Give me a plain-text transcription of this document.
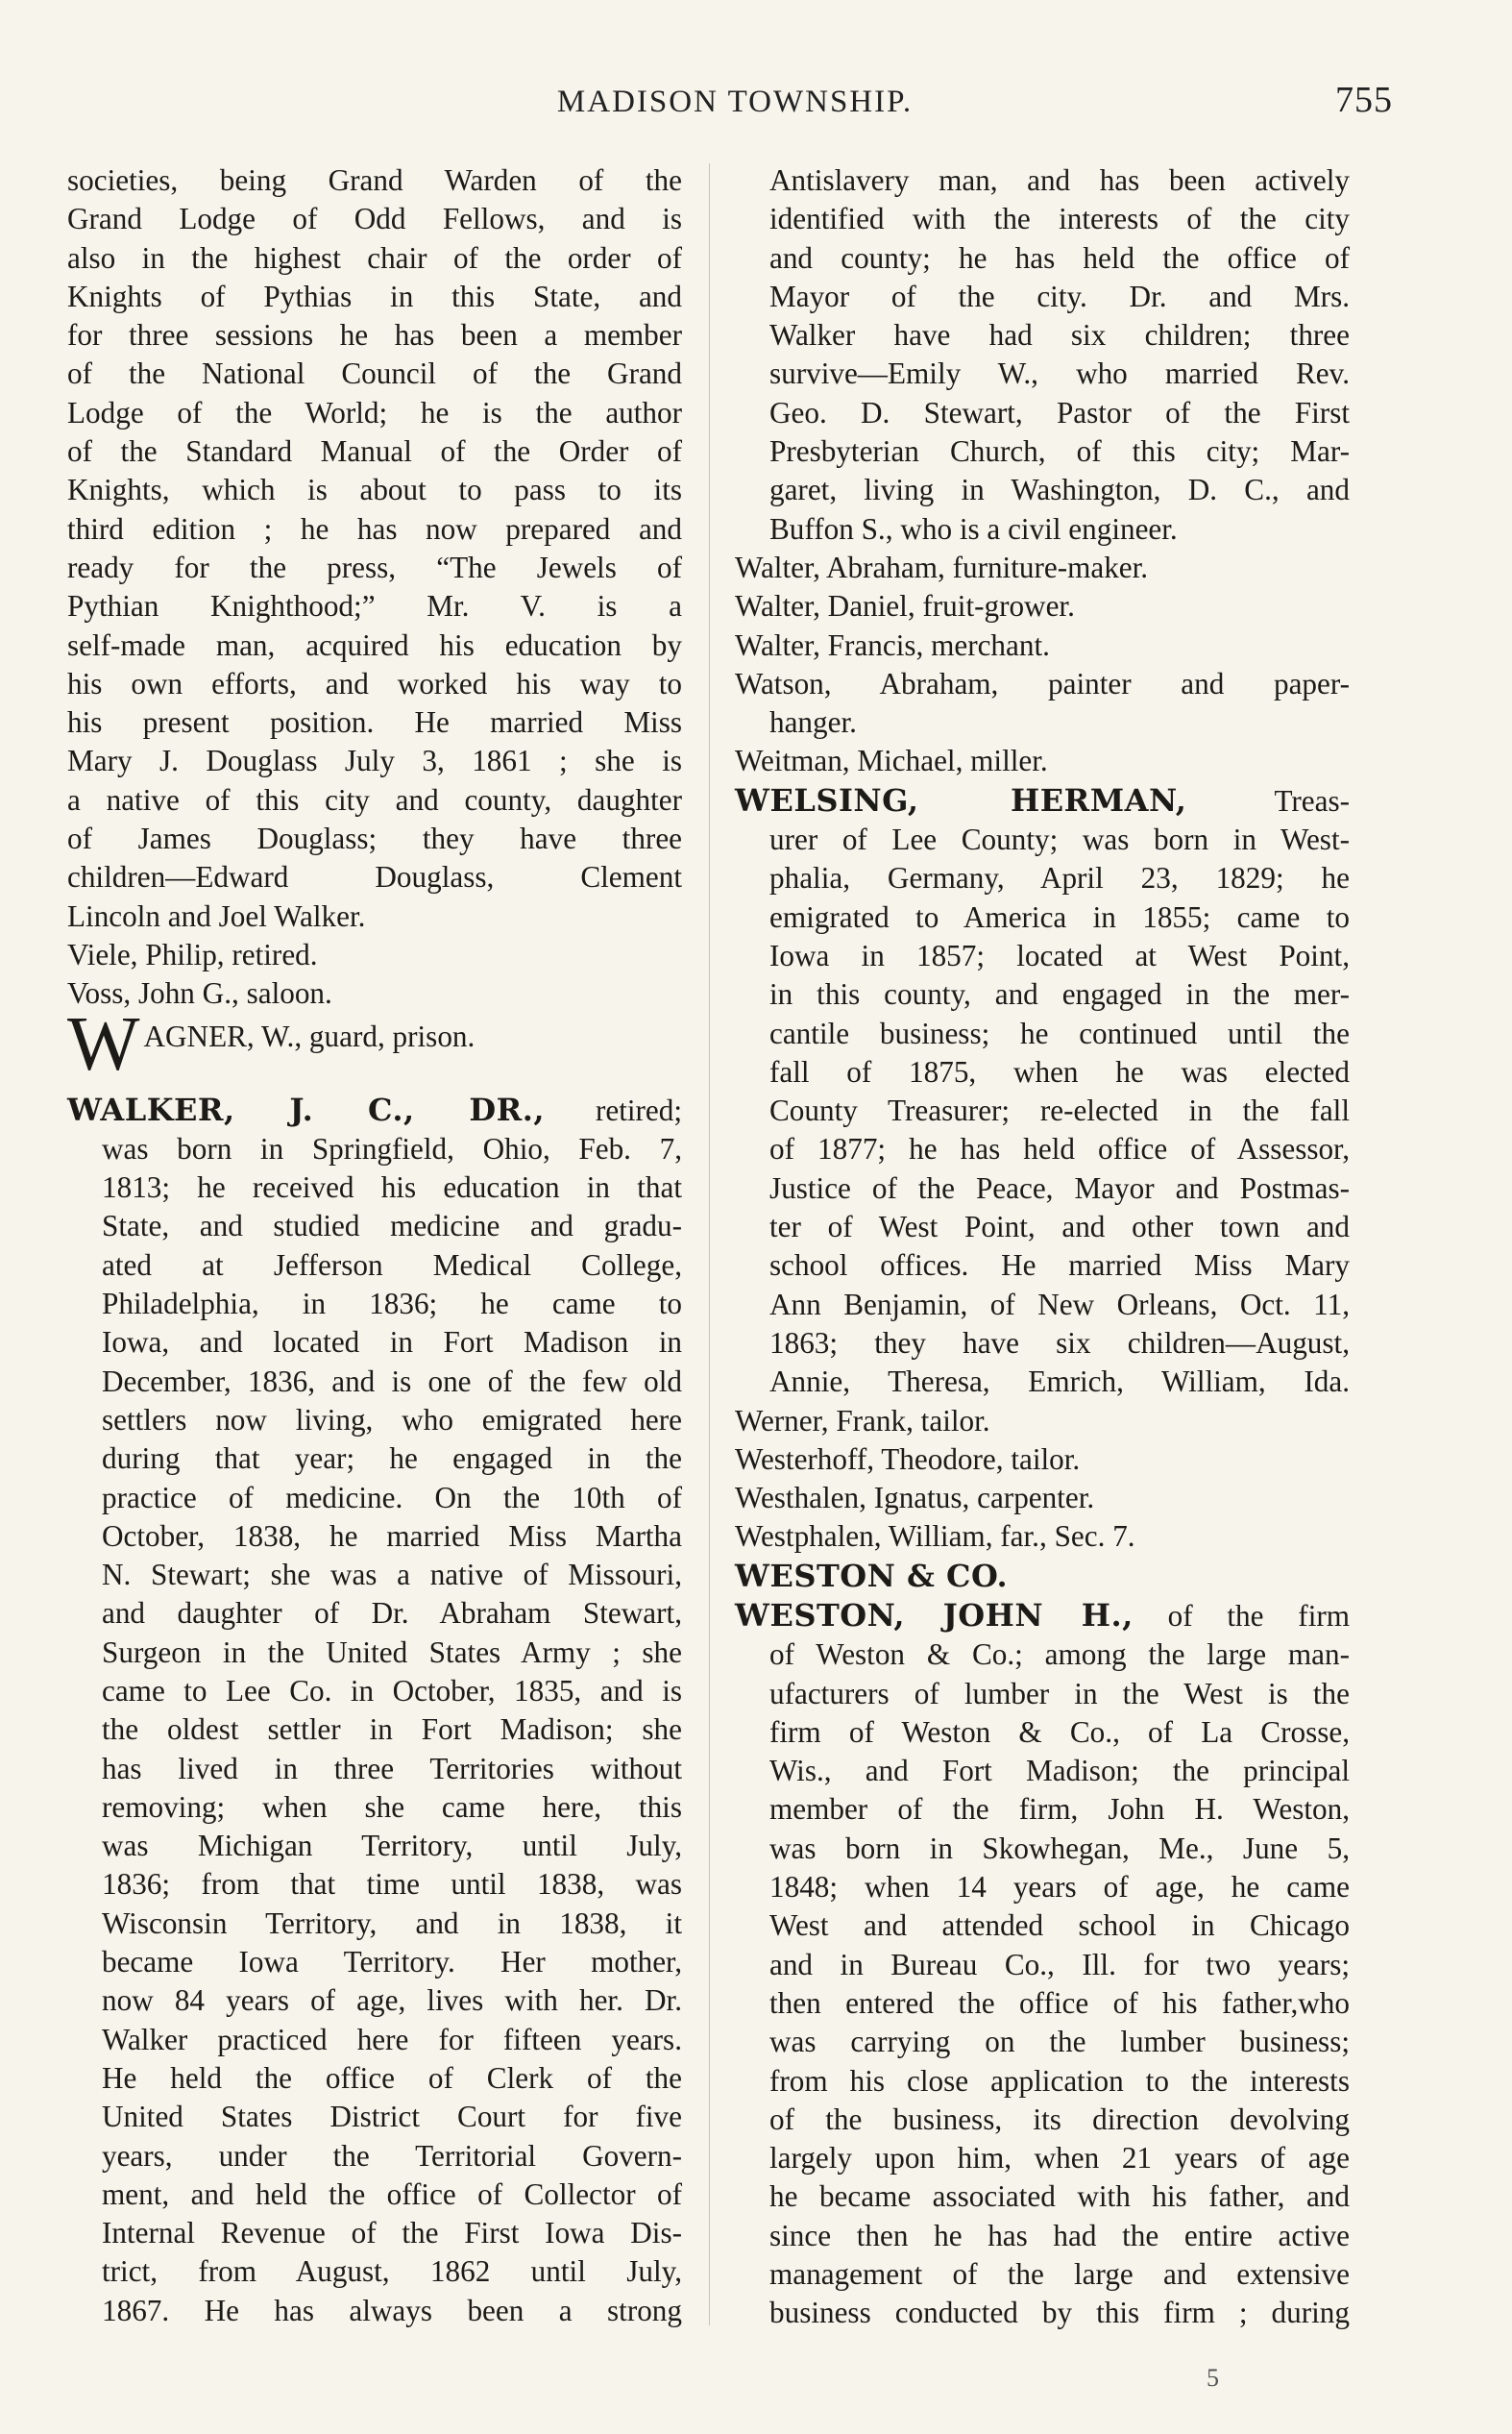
MADISON TOWNSHIP.	755
societies, being Grand Warden of the
Grand Lodge of Odd Fellows, and is
also in the highest chair of the order of
Knights of Pythias in this State, and
for three sessions he has been a member
of the National Council of the Grand
Lodge of the World; he is the author
of the Standard Manual of the Order of
Knights, which is about to pass to its
third edition ; he has now prepared and
ready for the press, “The Jewels of
Pythian Knighthood;” Mr. V. is a
self-made man, acquired his education by
his own efforts, and worked his way to
his present position. He married Miss
Mary J. Douglass July 3, 1861 ; she is
a native of this city and county, daughter
of James Douglass; they have three
children—Edward Douglass, Clement
Lincoln and Joel Walker.
Viele, Philip, retired.
Voss, John G., saloon.
W AGNER, W., guard, prison.
WALKER, J. C., DR., retired;
was born in Springfield, Ohio, Feb. 7,
1813; he received his education in that
State, and studied medicine and gradu-
ated at Jefferson Medical College,
Philadelphia, in 1836; he came to
Iowa, and located in Fort Madison in
December, 1836, and is one of the few old
settlers now living, who emigrated here
during that year; he engaged in the
practice of medicine. On the 10th of
October, 1838, he married Miss Martha
N. Stewart; she was a native of Missouri,
and daughter of Dr. Abraham Stewart,
Surgeon in the United States Army ; she
came to Lee Co. in October, 1835, and is
the oldest settler in Fort Madison; she
has lived in three Territories without
removing; when she came here, this
was Michigan Territory, until July,
1836; from that time until 1838, was
Wisconsin Territory, and in 1838, it
became Iowa Territory. Her mother,
now 84 years of age, lives with her. Dr.
Walker practiced here for fifteen years.
He held the office of Clerk of the
United States District Court for five
years, under the Territorial Govern-
ment, and held the office of Collector of
Internal Revenue of the First Iowa Dis-
trict, from August, 1862 until July,
1867. He has always been a strong
Antislavery man, and has been actively
identified with the interests of the city
and county; he has held the office of
Mayor of the city. Dr. and Mrs.
Walker have had six children; three
survive—Emily W., who married Rev.
Geo. D. Stewart, Pastor of the First
Presbyterian Church, of this city; Mar-
garet, living in Washington, D. C., and
Buffon S., who is a civil engineer.
Walter, Abraham, furniture-maker.
Walter, Daniel, fruit-grower.
Walter, Francis, merchant.
Watson, Abraham, painter and paper-
hanger.
Weitman, Michael, miller.
WELSING, HERMAN, Treas-
urer of Lee County; was born in West-
phalia, Germany, April 23, 1829; he
emigrated to America in 1855; came to
Iowa in 1857; located at West Point,
in this county, and engaged in the mer-
cantile business; he continued until the
fall of 1875, when he was elected
County Treasurer; re-elected in the fall
of 1877; he has held office of Assessor,
Justice of the Peace, Mayor and Postmas-
ter of West Point, and other town and
school offices. He married Miss Mary
Ann Benjamin, of New Orleans, Oct. 11,
1863; they have six children—August,
Annie, Theresa, Emrich, William, Ida.
Werner, Frank, tailor.
Westerhoff, Theodore, tailor.
Westhalen, Ignatus, carpenter.
Westphalen, William, far., Sec. 7.
WESTON & CO.
WESTON, JOHN H., of the firm
of Weston & Co.; among the large man-
ufacturers of lumber in the West is the
firm of Weston & Co., of La Crosse,
Wis., and Fort Madison; the principal
member of the firm, John H. Weston,
was born in Skowhegan, Me., June 5,
1848; when 14 years of age, he came
West and attended school in Chicago
and in Bureau Co., Ill. for two years;
then entered the office of his father,who
was carrying on the lumber business;
from his close application to the interests
of the business, its direction devolving
largely upon him, when 21 years of age
he became associated with his father, and
since then he has had the entire active
management of the large and extensive
business conducted by this firm ; during
5
